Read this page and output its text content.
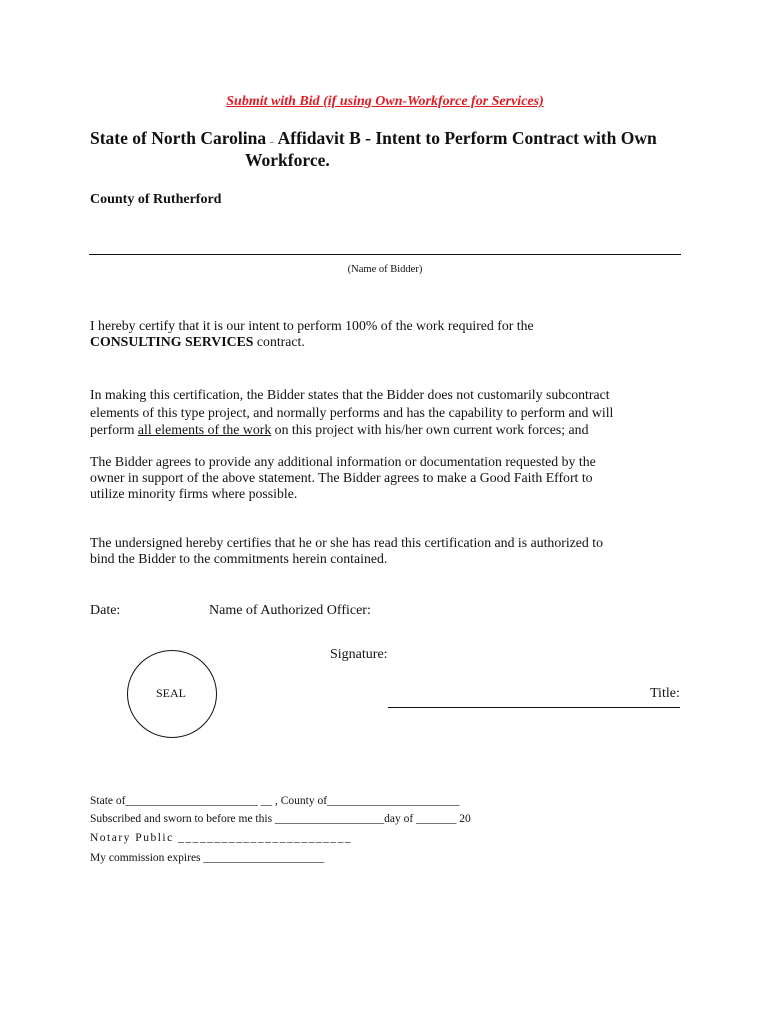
Submit with Bid (if using Own-Workforce for Services)
State of North Carolina – Affidavit B - Intent to Perform Contract with Own
Workforce.
County of Rutherford
(Name of Bidder)
I hereby certify that it is our intent to perform 100% of the work required for the
CONSULTING SERVICES contract.
In making this certification, the Bidder states that the Bidder does not customarily subcontract
elements of this type project, and normally performs and has the capability to perform and will
perform all elements of the work on this project with his/her own current work forces; and
The Bidder agrees to provide any additional information or documentation requested by the
owner in support of the above statement. The Bidder agrees to make a Good Faith Effort to
utilize minority firms where possible.
The undersigned hereby certifies that he or she has read this certification and is authorized to
bind the Bidder to the commitments herein contained.
Date:	Name of Authorized Officer:
Signature:
SEAL	Title:
State of_______________________ __ , County of_______________________
Subscribed and sworn to before me this ___________________day of _______ 20
Notary Public ________________________
My commission expires _____________________
